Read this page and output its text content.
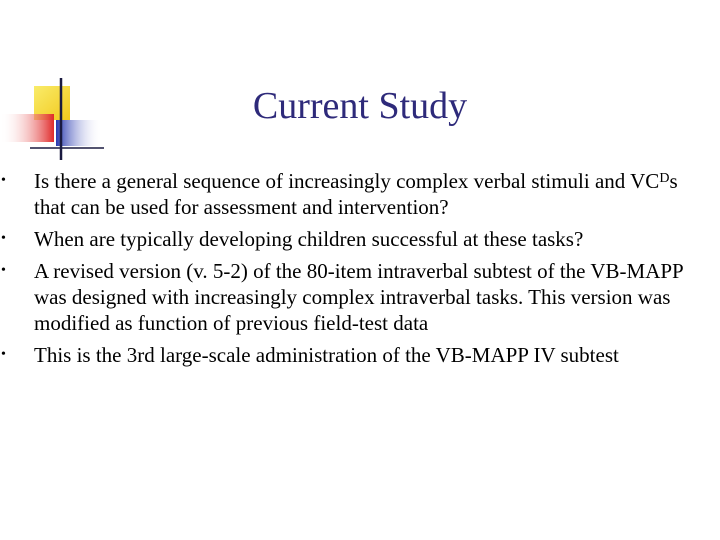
Current Study
• Is there a general sequence of increasingly complex verbal stimuli and $VC^Ds$ that can be used for assessment and intervention?
• When are typically developing children successful at these tasks?
• A revised version (v. 5-2) of the 80-item intraverbal subtest of the VB-MAPP was designed with increasingly complex intraverbal tasks. This version was modified as function of previous field-test data
• This is the 3rd large-scale administration of the VB-MAPP IV subtest
